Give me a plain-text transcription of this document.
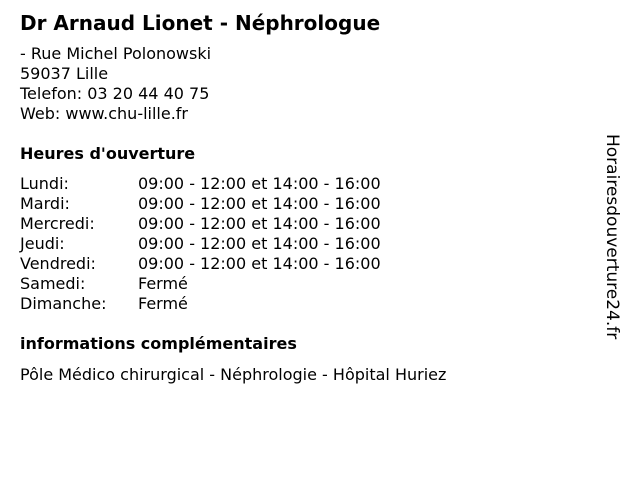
Dr Arnaud Lionet - Néphrologue
- Rue Michel Polonowski
59037 Lille
Telefon: 03 20 44 40 75
Web: www.chu-lille.fr
Heures d'ouverture
Lundi:	09:00 - 12:00 et 14:00 - 16:00
Mardi:	09:00 - 12:00 et 14:00 - 16:00
Mercredi:	09:00 - 12:00 et 14:00 - 16:00
Jeudi:	09:00 - 12:00 et 14:00 - 16:00
Vendredi:	09:00 - 12:00 et 14:00 - 16:00
Samedi:	Fermé
Dimanche:	Fermé
informations complémentaires
Pôle Médico chirurgical - Néphrologie - Hôpital Huriez
Horairesdouverture24.fr
